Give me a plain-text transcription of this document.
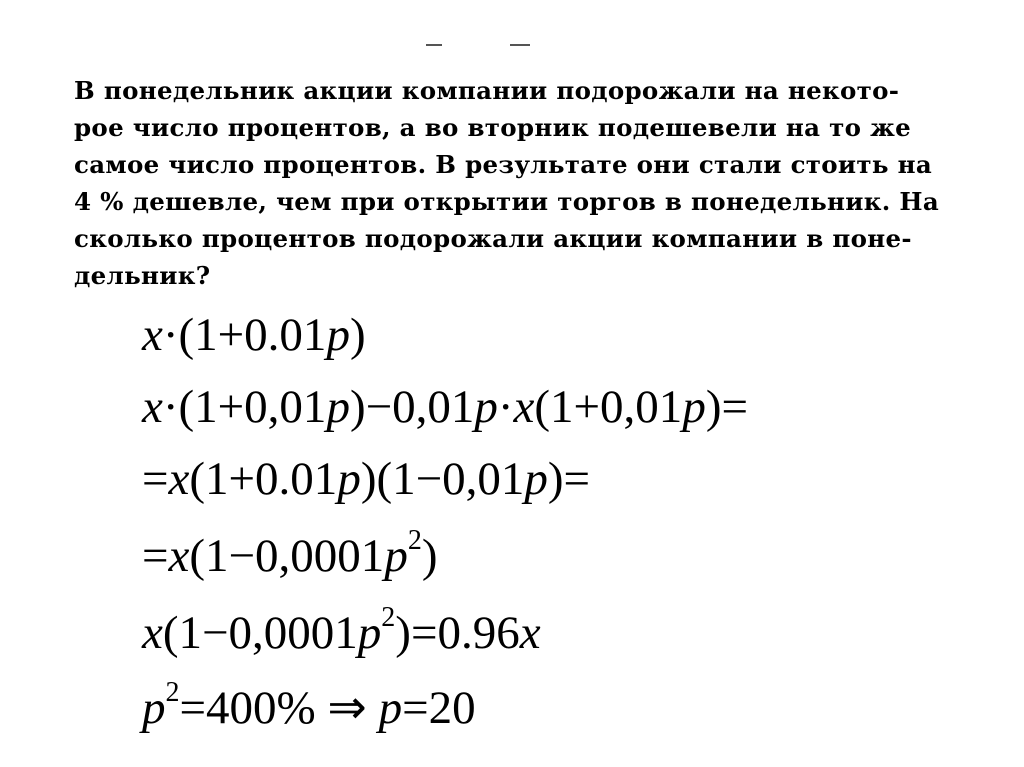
В понедельник акции компании подорожали на некото-
рое число процентов, а во вторник подешевели на то же
самое число процентов. В результате они стали стоить на
4 % дешевле, чем при открытии торгов в понедельник. На
сколько процентов подорожали акции компании в поне-
дельник?
x·(1+0.01p)
x·(1+0,01p)−0,01p·x(1+0,01p)=
=x(1+0.01p)(1−0,01p)=
$=x(1-0,0001p^2)$
$x(1-0,0001p^2)=0.96x$
$p^2=400\%$ ⇒ p=20
